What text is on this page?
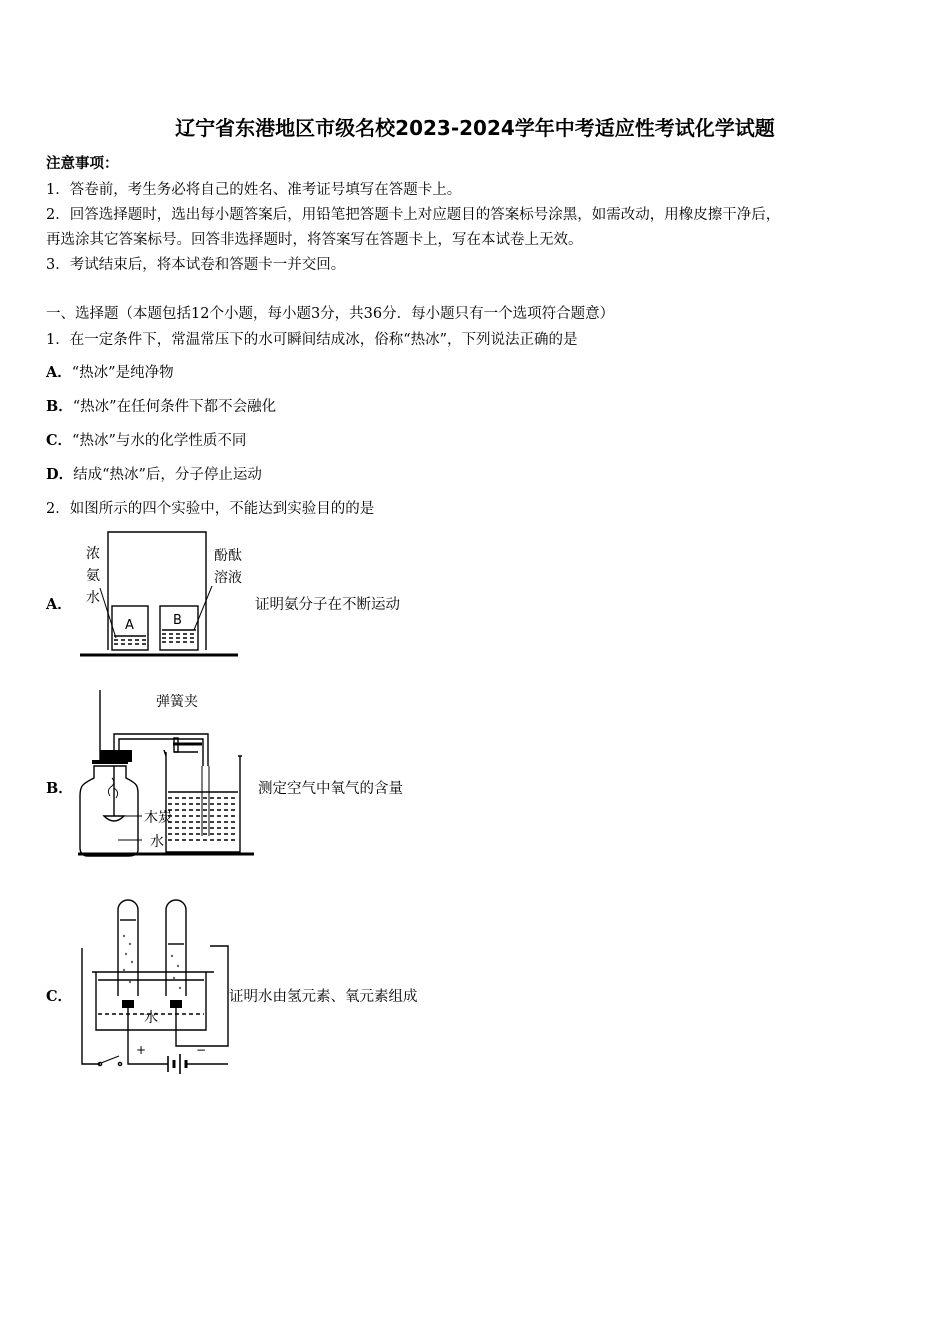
辽宁省东港地区市级名校2023-2024学年中考适应性考试化学试题
注意事项：
1．答卷前，考生务必将自己的姓名、准考证号填写在答题卡上。
2．回答选择题时，选出每小题答案后，用铅笔把答题卡上对应题目的答案标号涂黑，如需改动，用橡皮擦干净后，
再选涂其它答案标号。回答非选择题时，将答案写在答题卡上，写在本试卷上无效。
3．考试结束后，将本试卷和答题卡一并交回。
一、选择题（本题包括12个小题，每小题3分，共36分．每小题只有一个选项符合题意）
1．在一定条件下，常温常压下的水可瞬间结成冰，俗称“热冰”，下列说法正确的是
A．“热冰”是纯净物
B．“热冰”在任何条件下都不会融化
C．“热冰”与水的化学性质不同
D．结成“热冰”后，分子停止运动
2．如图所示的四个实验中，不能达到实验目的的是
A．
浓
氨
水
酚酞
溶液
A	B
证明氨分子在不断运动
B．
弹簧夹
木炭
水
测定空气中氧气的含量
C．
水
+	−
证明水由氢元素、氧元素组成
